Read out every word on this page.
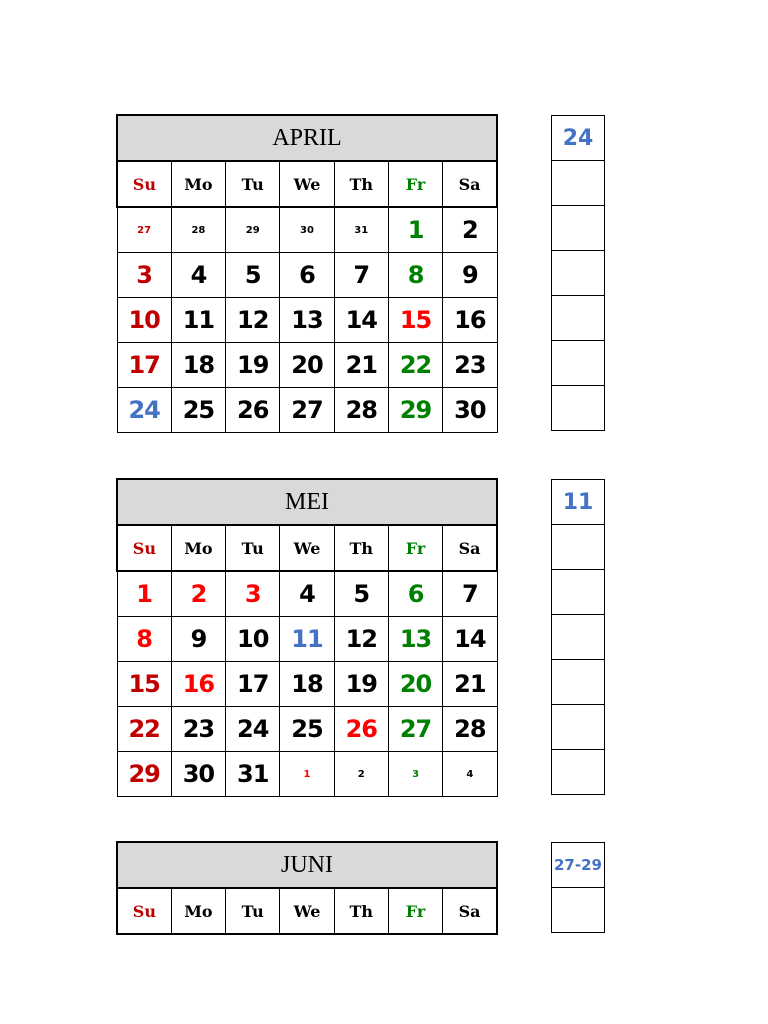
APRIL						
Su	Mo	Tu	We	Th	Fr	Sa
27	28	29	30	31	1	2
3	4	5	6	7	8	9
10	11	12	13	14	15	16
17	18	19	20	21	22	23
24	25	26	27	28	29	30
24

MEI						
Su	Mo	Tu	We	Th	Fr	Sa
1	2	3	4	5	6	7
8	9	10	11	12	13	14
15	16	17	18	19	20	21
22	23	24	25	26	27	28
29	30	31	1	2	3	4
11

JUNI
Su	Mo	Tu	We	Th	Fr	Sa
27-29
